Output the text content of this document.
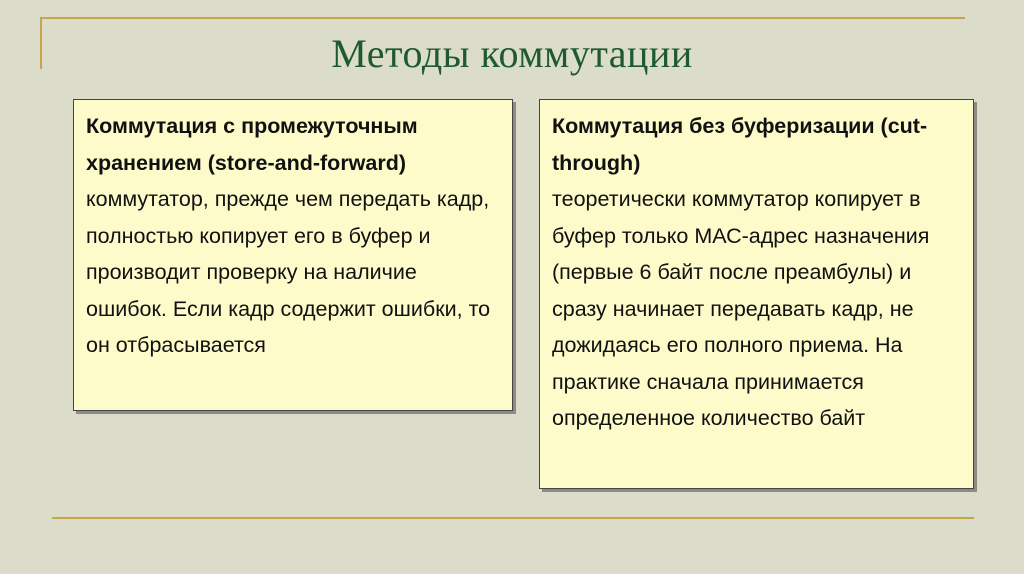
Методы коммутации
Коммутация с промежуточным хранением (store-and-forward)
коммутатор, прежде чем передать кадр, полностью копирует его в буфер и производит проверку на наличие ошибок. Если кадр содержит ошибки, то он отбрасывается
Коммутация без буферизации (cut-through)
теоретически коммутатор копирует в буфер только МАС-адрес назначения (первые 6 байт после преамбулы) и сразу начинает передавать кадр, не дожидаясь его полного приема. На практике сначала принимается определенное количество байт
